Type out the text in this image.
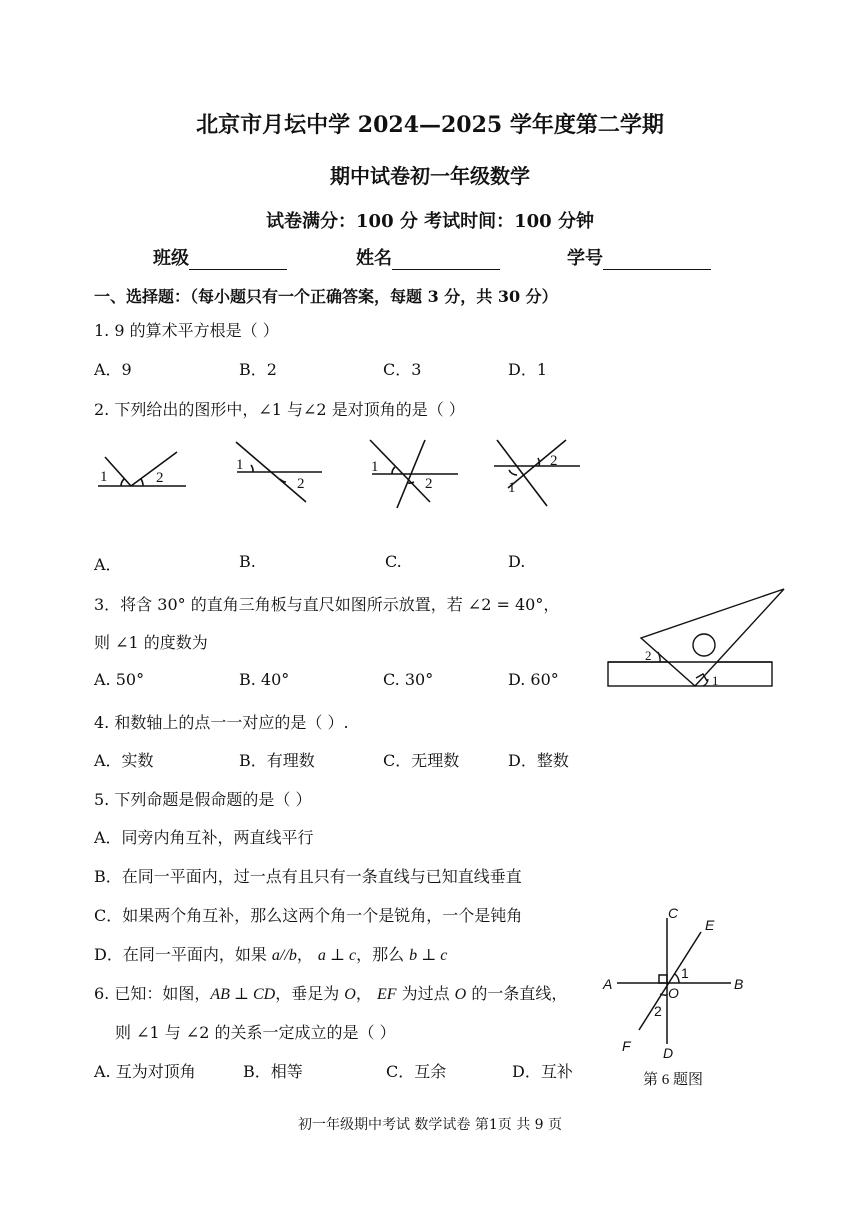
北京市月坛中学 2024—2025 学年度第二学期
期中试卷初一年级数学
试卷满分：100 分 考试时间：100 分钟
班级	姓名	学号
一、选择题：（每小题只有一个正确答案，每题 3 分，共 30 分）
1. 9 的算术平方根是（ ）
A．9	B．2	C．3	D．1
2. 下列给出的图形中，∠1 与∠2 是对顶角的是（ ）
1	2
1
2
1
2	1
2
A．	B.	C.	D.
3．将含 30° 的直角三角板与直尺如图所示放置，若 ∠2 = 40°，
则 ∠1 的度数为
A. 50°	B. 40°	C. 30°	D. 60°
2
1
4. 和数轴上的点一一对应的是（ ）.
A．实数	B．有理数	C．无理数	D．整数
5. 下列命题是假命题的是（ ）
A．同旁内角互补，两直线平行
B．在同一平面内，过一点有且只有一条直线与已知直线垂直
C．如果两个角互补，那么这两个角一个是锐角，一个是钝角
D．在同一平面内，如果 a//b， a ⊥ c，那么 b ⊥ c
6. 已知：如图，AB ⊥ CD，垂足为 O， EF 为过点 O 的一条直线，
则 ∠1 与 ∠2 的关系一定成立的是（ ）
A. 互为对顶角	B．相等	C．互余	D．互补
C
E
A	B
O
F D
1
2
第 6 题图
初一年级期中考试 数学试卷 第1页 共 9 页
